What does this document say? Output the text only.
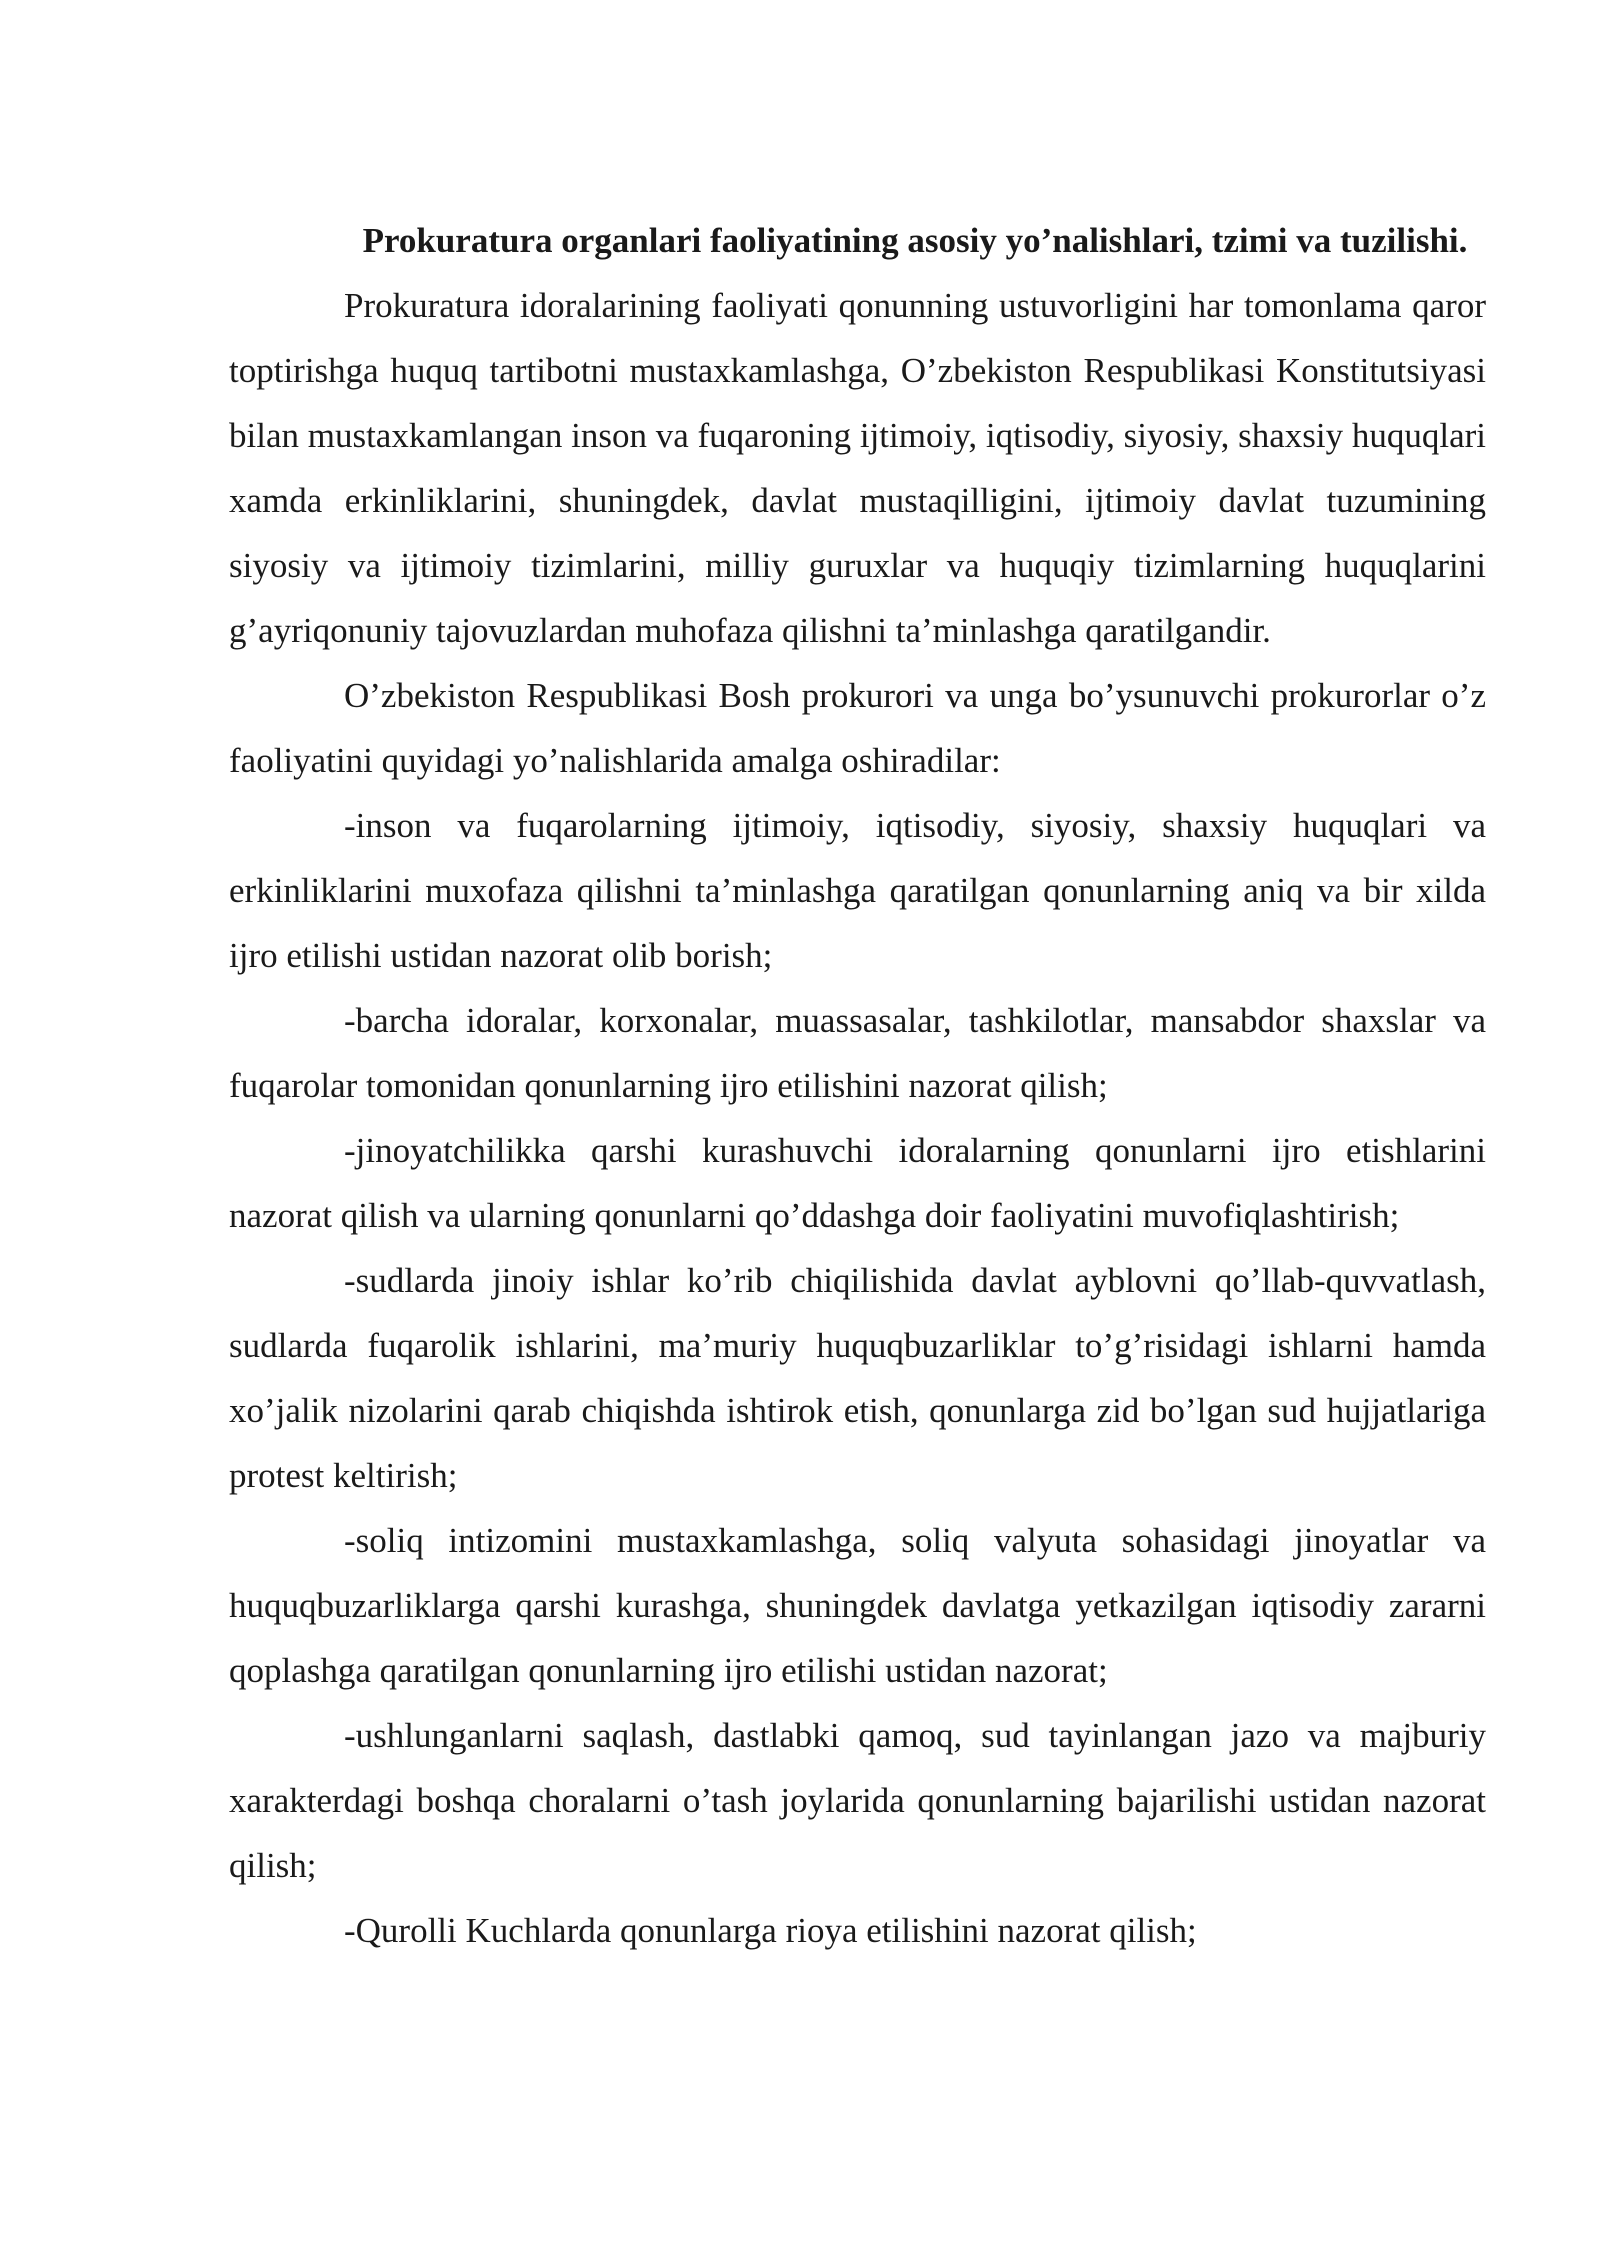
Prokuratura organlari faoliyatining asosiy yo’nalishlari, tzimi va tuzilishi.

Prokuratura idoralarining faoliyati qonunning ustuvorligini har tomonlama qaror toptirishga huquq tartibotni mustaxkamlashga, O’zbekiston Respublikasi Konstitutsiyasi bilan mustaxkamlangan inson va fuqaroning ijtimoiy, iqtisodiy, siyosiy, shaxsiy huquqlari xamda erkinliklarini, shuningdek, davlat mustaqilligini, ijtimoiy davlat tuzumining siyosiy va ijtimoiy tizimlarini, milliy guruxlar va huquqiy tizimlarning huquqlarini g’ayriqonuniy tajovuzlardan muhofaza qilishni ta’minlashga qaratilgandir.

O’zbekiston Respublikasi Bosh prokurori va unga bo’ysunuvchi prokurorlar o’z faoliyatini quyidagi yo’nalishlarida amalga oshiradilar:

-inson va fuqarolarning ijtimoiy, iqtisodiy, siyosiy, shaxsiy huquqlari va erkinliklarini muxofaza qilishni ta’minlashga qaratilgan qonunlarning aniq va bir xilda ijro etilishi ustidan nazorat olib borish;

-barcha idoralar, korxonalar, muassasalar, tashkilotlar, mansabdor shaxslar va fuqarolar tomonidan qonunlarning ijro etilishini nazorat qilish;

-jinoyatchilikka qarshi kurashuvchi idoralarning qonunlarni ijro etishlarini nazorat qilish va ularning qonunlarni qo’ddashga doir faoliyatini muvofiqlashtirish;

-sudlarda jinoiy ishlar ko’rib chiqilishida davlat ayblovni qo’llab-quvvatlash, sudlarda fuqarolik ishlarini, ma’muriy huquqbuzarliklar to’g’risidagi ishlarni hamda xo’jalik nizolarini qarab chiqishda ishtirok etish, qonunlarga zid bo’lgan sud hujjatlariga protest keltirish;

-soliq intizomini mustaxkamlashga, soliq valyuta sohasidagi jinoyatlar va huquqbuzarliklarga qarshi kurashga, shuningdek davlatga yetkazilgan iqtisodiy zararni qoplashga qaratilgan qonunlarning ijro etilishi ustidan nazorat;

-ushlunganlarni saqlash, dastlabki qamoq, sud tayinlangan jazo va majburiy xarakterdagi boshqa choralarni o’tash joylarida qonunlarning bajarilishi ustidan nazorat qilish;

-Qurolli Kuchlarda qonunlarga rioya etilishini nazorat qilish;
